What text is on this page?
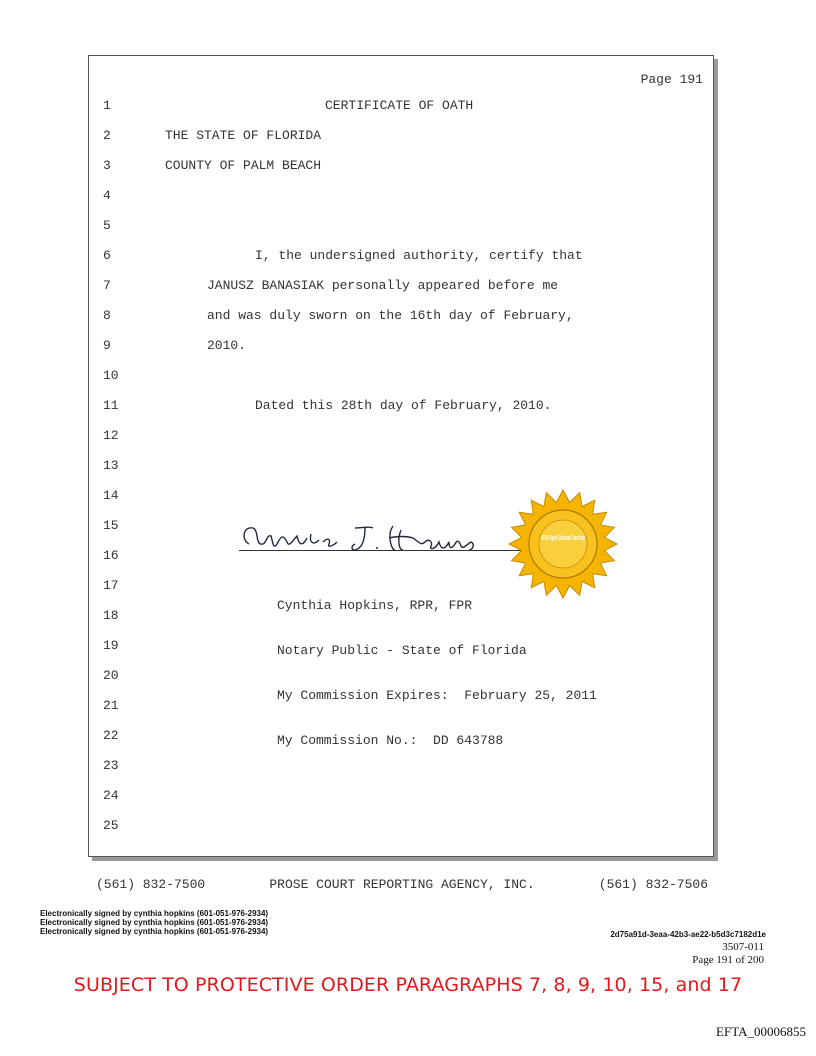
Page 191
1	CERTIFICATE OF OATH
2	THE STATE OF FLORIDA
3	COUNTY OF PALM BEACH
4
5
6	I, the undersigned authority, certify that
7	JANUSZ BANASIAK personally appeared before me
8	and was duly sworn on the 16th day of February,
9	2010.
10
11	Dated this 28th day of February, 2010.
12
13
14
15
16
17
18
19
20
21
22
23
24
25
NCRA Signed Electronic Transcript

Cynthia Hopkins, RPR, FPR

Notary Public - State of Florida

My Commission Expires:  February 25, 2011

My Commission No.:  DD 643788

(561) 832-7500	PROSE COURT REPORTING AGENCY, INC.	(561) 832-7506
Electronically signed by cynthia hopkins (601-051-976-2934)
Electronically signed by cynthia hopkins (601-051-976-2934)
Electronically signed by cynthia hopkins (601-051-976-2934)	2d75a91d-3eaa-42b3-ae22-b5d3c7182d1e
3507-011
Page 191 of 200
SUBJECT TO PROTECTIVE ORDER PARAGRAPHS 7, 8, 9, 10, 15, and 17
EFTA_00006855
